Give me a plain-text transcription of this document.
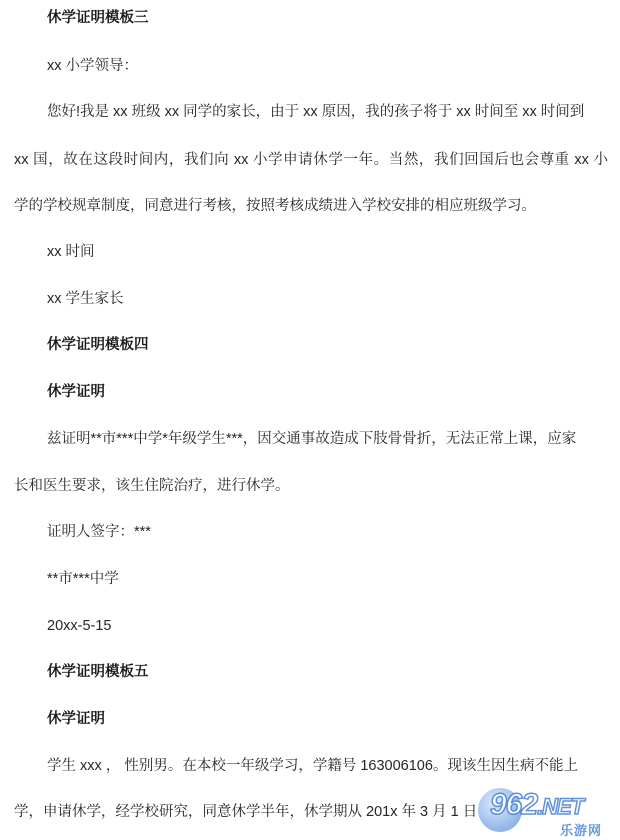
休学证明模板三
xx 小学领导：
您好!我是 xx 班级 xx 同学的家长，由于 xx 原因，我的孩子将于 xx 时间至 xx 时间到
xx 国，故在这段时间内，我们向 xx 小学申请休学一年。当然，我们回国后也会尊重 xx 小
学的学校规章制度，同意进行考核，按照考核成绩进入学校安排的相应班级学习。
xx 时间
xx 学生家长
休学证明模板四
休学证明
兹证明**市***中学*年级学生***，因交通事故造成下肢骨骨折，无法正常上课，应家
长和医生要求，该生住院治疗，进行休学。
证明人签字：***
**市***中学
20xx-5-15
休学证明模板五
休学证明
学生 xxx ， 性别男。在本校一年级学习，学籍号 163006106。现该生因生病不能上
学，申请休学，经学校研究，同意休学半年，休学期从 201x 年 3 月 1 日 962.NET
乐游网
